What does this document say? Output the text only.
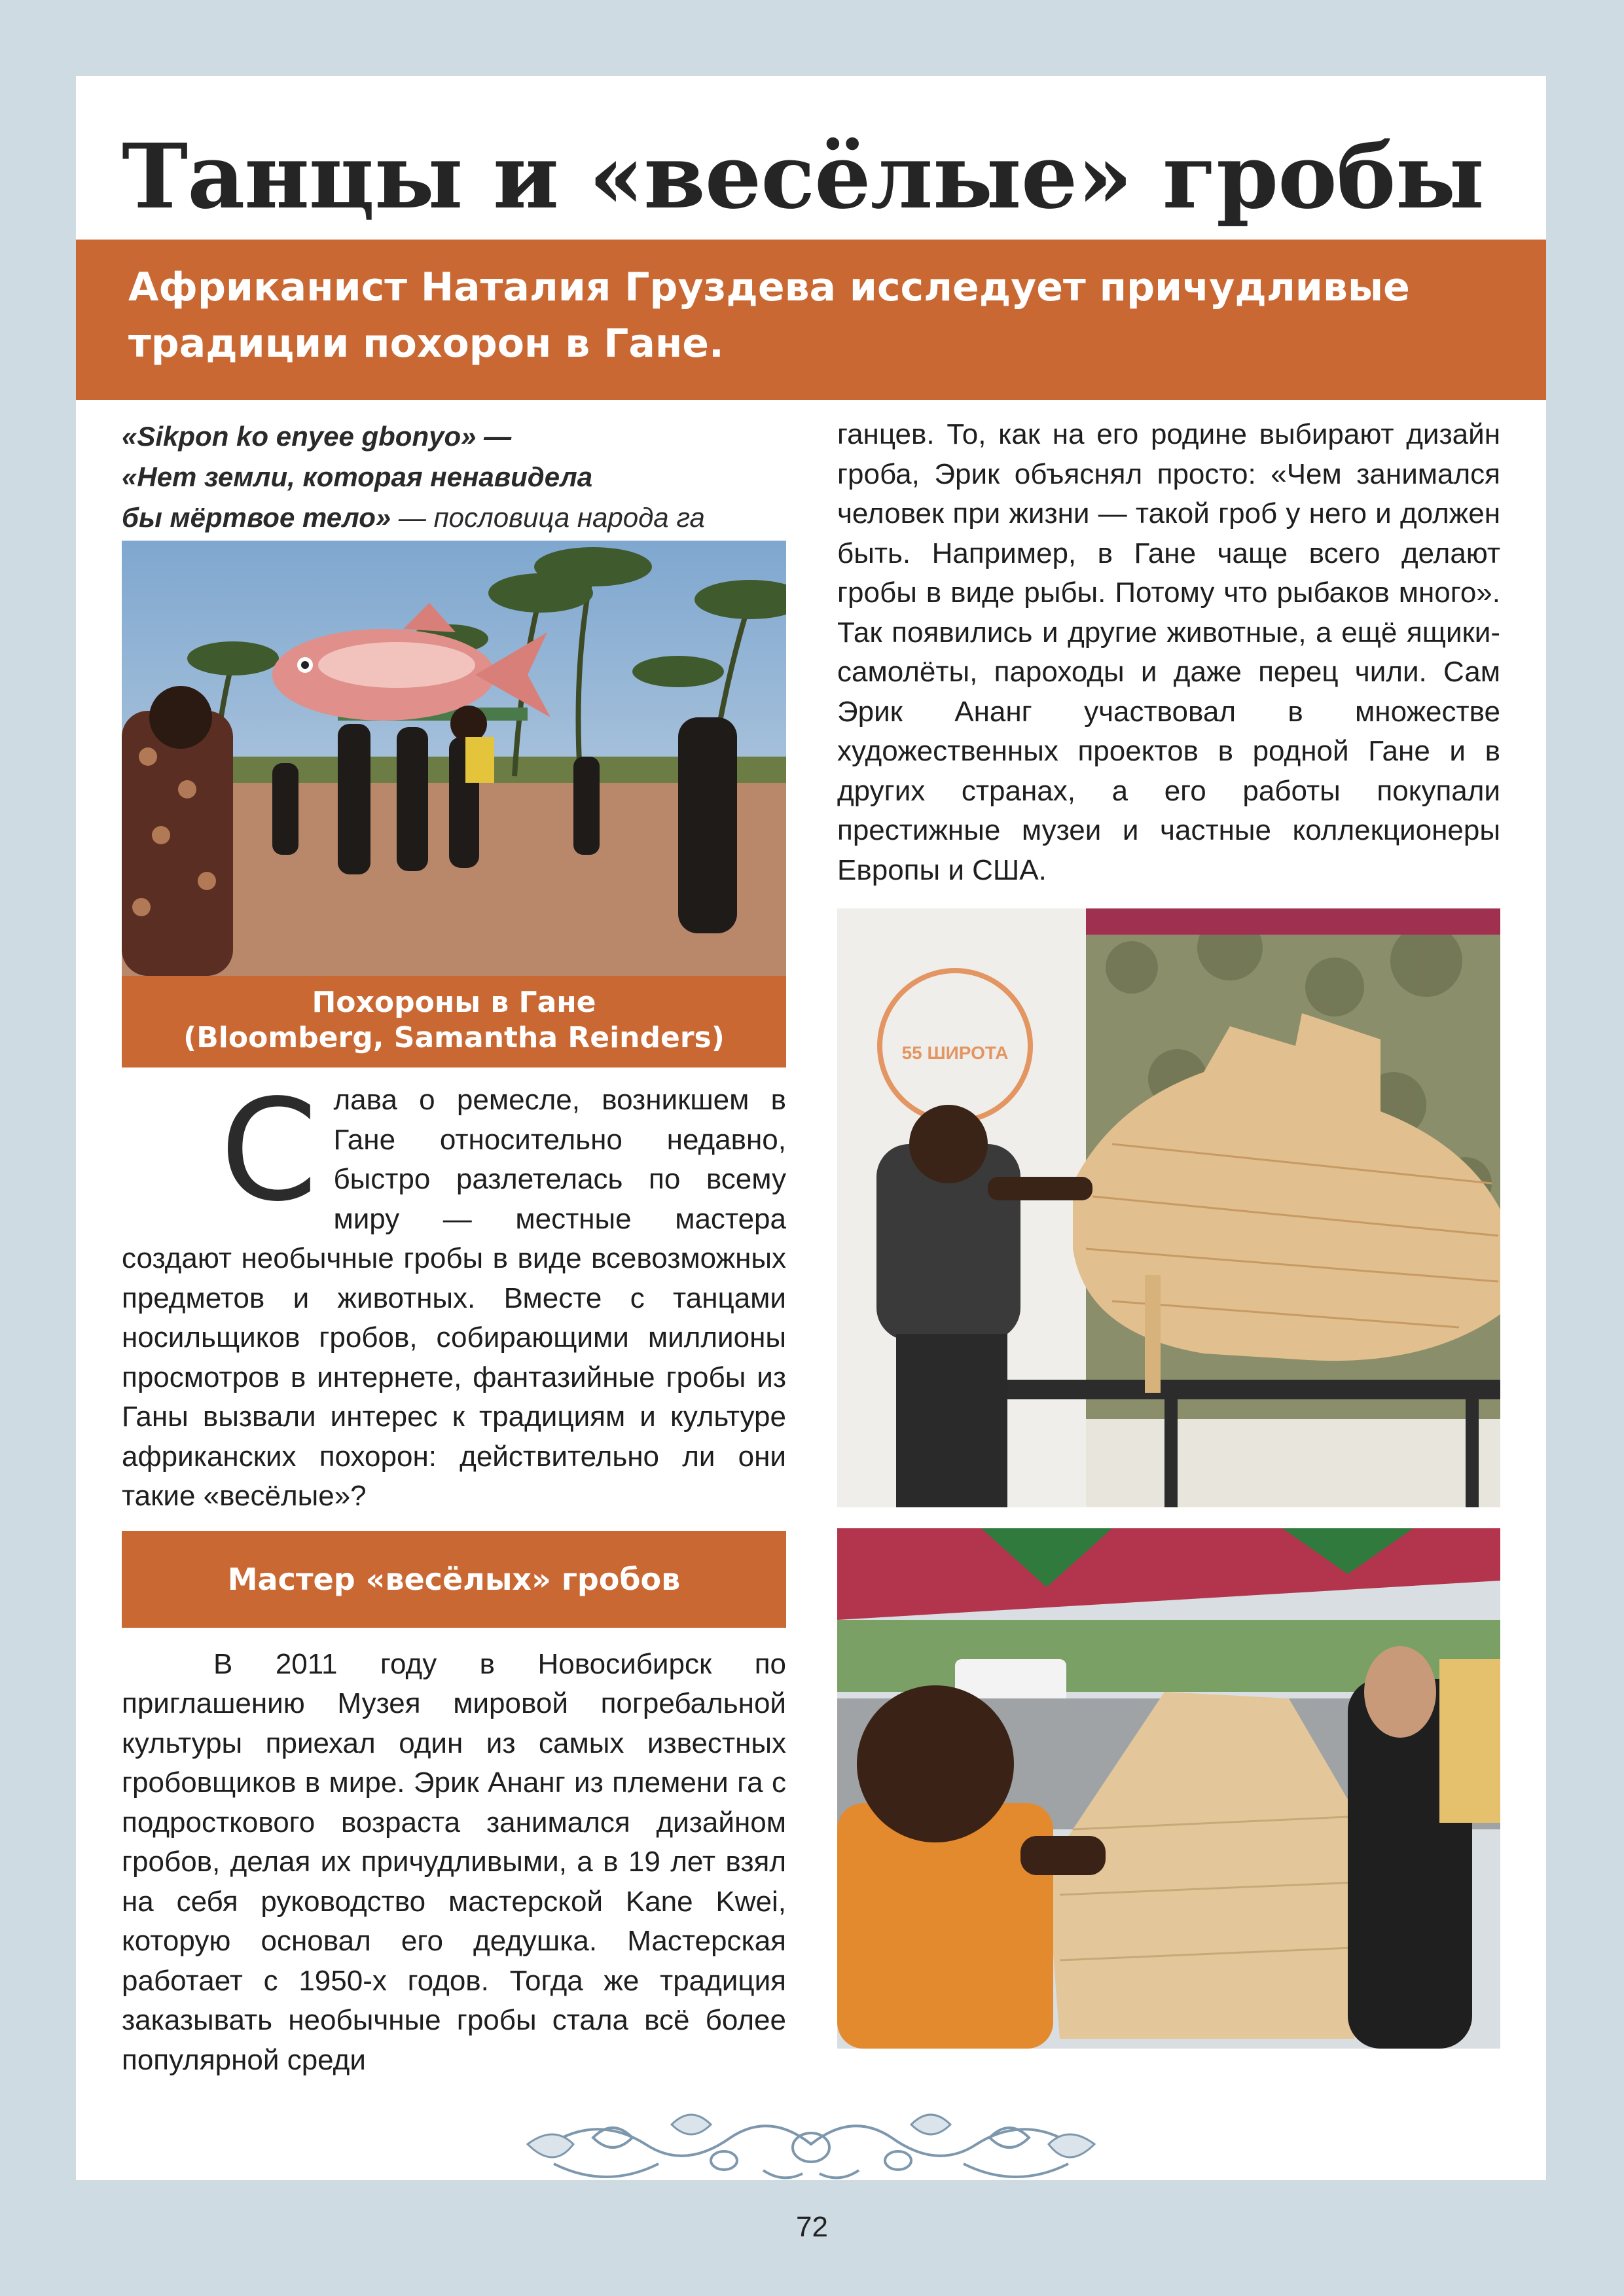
Танцы и «весёлые» гробы

Африканист Наталия Груздева исследует причудливые
традиции похорон в Гане.

«Sikpon ko enyee gbonyo» —
«Нет земли, которая ненавидела
бы мёртвое тело» — пословица народа га

Похороны в Гане
(Bloomberg, Samantha Reinders)
С лава о ремесле, возникшем в Гане относительно недавно, быстро разлетелась по всему миру — местные мастера создают необычные гробы в виде всевозможных предметов и животных. Вместе с танцами носильщиков гробов, собирающими миллионы просмотров в интернете, фантазийные гробы из Ганы вызвали интерес к традициям и культуре африканских похорон: действительно ли они такие «весёлые»?

Мастер «весёлых» гробов

В 2011 году в Новосибирск по приглашению Музея мировой погребальной культуры приехал один из самых известных гробовщиков в мире. Эрик Ананг из племени га с подросткового возраста занимался дизайном гробов, делая их причудливыми, а в 19 лет взял на себя руководство мастерской Kane Kwei, которую основал его дедушка. Мастерская работает с 1950-х годов. Тогда же традиция заказывать необычные гробы стала всё более популярной среди

ганцев. То, как на его родине выбирают дизайн гроба, Эрик объяснял просто: «Чем занимался человек при жизни — такой гроб у него и должен быть. Например, в Гане чаще всего делают гробы в виде рыбы. Потому что рыбаков много». Так появились и другие животные, а ещё ящики-самолёты, пароходы и даже перец чили. Сам Эрик Ананг участвовал в множестве художественных проектов в родной Гане и в других странах, а его работы покупали престижные музеи и частные коллекционеры Европы и США.

55 ШИРОТА
72
